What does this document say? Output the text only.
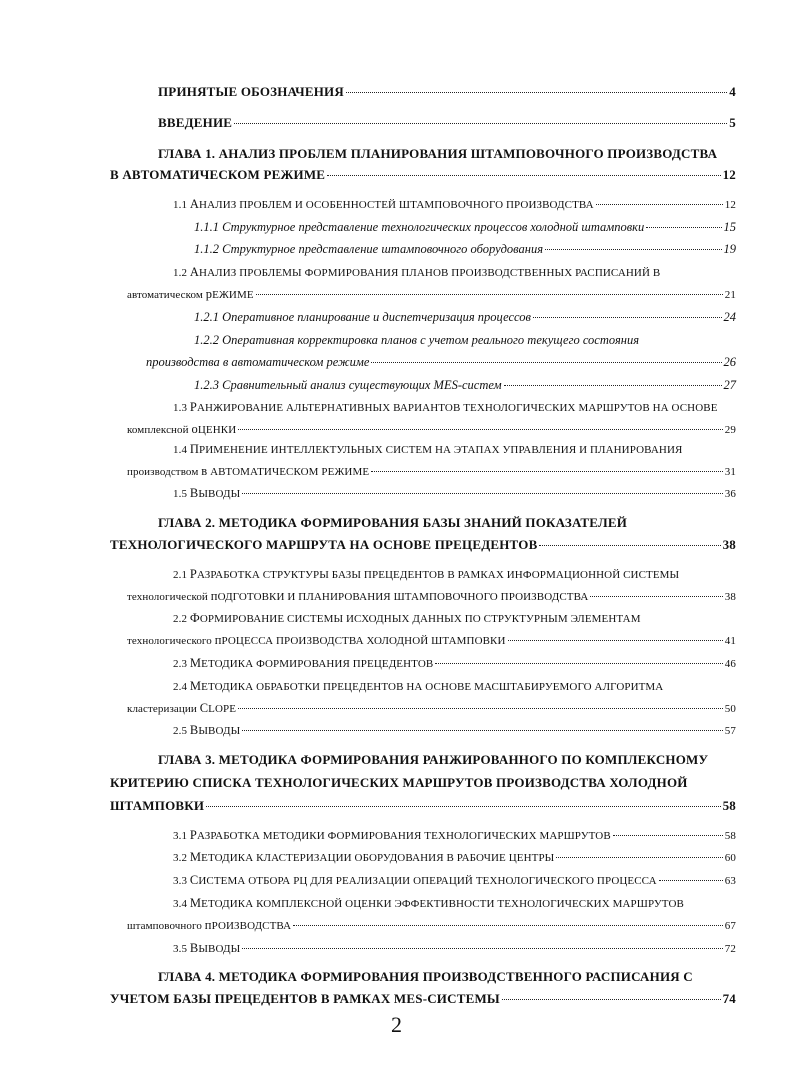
ПРИНЯТЫЕ ОБОЗНАЧЕНИЯ	4
ВВЕДЕНИЕ	5
ГЛАВА 1. АНАЛИЗ ПРОБЛЕМ ПЛАНИРОВАНИЯ ШТАМПОВОЧНОГО ПРОИЗВОДСТВА
В АВТОМАТИЧЕСКОМ РЕЖИМЕ	12
1.1 АНАЛИЗ ПРОБЛЕМ И ОСОБЕННОСТЕЙ ШТАМПОВОЧНОГО ПРОИЗВОДСТВА	12
1.1.1 Структурное представление технологических процессов холодной штамповки	15
1.1.2 Структурное представление штамповочного оборудования	19
1.2 АНАЛИЗ ПРОБЛЕМЫ ФОРМИРОВАНИЯ ПЛАНОВ ПРОИЗВОДСТВЕННЫХ РАСПИСАНИЙ В
автоматическом рЕЖИМЕ	21
1.2.1 Оперативное планирование и диспетчеризация процессов	24
1.2.2 Оперативная корректировка планов с учетом реального текущего состояния
производства в автоматическом режиме	26
1.2.3 Сравнительный анализ существующих MES-систем	27
1.3 РАНЖИРОВАНИЕ АЛЬТЕРНАТИВНЫХ ВАРИАНТОВ ТЕХНОЛОГИЧЕСКИХ МАРШРУТОВ НА ОСНОВЕ
комплексной оЦЕНКИ	29
1.4 ПРИМЕНЕНИЕ ИНТЕЛЛЕКТУЛЬНЫХ СИСТЕМ НА ЭТАПАХ УПРАВЛЕНИЯ И ПЛАНИРОВАНИЯ
производством в АВТОМАТИЧЕСКОМ РЕЖИМЕ	31
1.5 ВЫВОДЫ	36
ГЛАВА 2. МЕТОДИКА ФОРМИРОВАНИЯ БАЗЫ ЗНАНИЙ ПОКАЗАТЕЛЕЙ
ТЕХНОЛОГИЧЕСКОГО МАРШРУТА НА ОСНОВЕ ПРЕЦЕДЕНТОВ	38
2.1 РАЗРАБОТКА СТРУКТУРЫ БАЗЫ ПРЕЦЕДЕНТОВ В РАМКАХ ИНФОРМАЦИОННОЙ СИСТЕМЫ
технологической пОДГОТОВКИ И ПЛАНИРОВАНИЯ ШТАМПОВОЧНОГО ПРОИЗВОДСТВА	38
2.2 ФОРМИРОВАНИЕ СИСТЕМЫ ИСХОДНЫХ ДАННЫХ ПО СТРУКТУРНЫМ ЭЛЕМЕНТАМ
технологического пРОЦЕССА ПРОИЗВОДСТВА ХОЛОДНОЙ ШТАМПОВКИ	41
2.3 МЕТОДИКА ФОРМИРОВАНИЯ ПРЕЦЕДЕНТОВ	46
2.4 МЕТОДИКА ОБРАБОТКИ ПРЕЦЕДЕНТОВ НА ОСНОВЕ МАСШТАБИРУЕМОГО АЛГОРИТМА
кластеризации CLOPE	50
2.5 ВЫВОДЫ	57
ГЛАВА 3. МЕТОДИКА ФОРМИРОВАНИЯ РАНЖИРОВАННОГО ПО КОМПЛЕКСНОМУ
КРИТЕРИЮ СПИСКА ТЕХНОЛОГИЧЕСКИХ МАРШРУТОВ ПРОИЗВОДСТВА ХОЛОДНОЙ
ШТАМПОВКИ	58
3.1 РАЗРАБОТКА МЕТОДИКИ ФОРМИРОВАНИЯ ТЕХНОЛОГИЧЕСКИХ МАРШРУТОВ	58
3.2 МЕТОДИКА КЛАСТЕРИЗАЦИИ ОБОРУДОВАНИЯ В РАБОЧИЕ ЦЕНТРЫ	60
3.3 СИСТЕМА ОТБОРА РЦ ДЛЯ РЕАЛИЗАЦИИ ОПЕРАЦИЙ ТЕХНОЛОГИЧЕСКОГО ПРОЦЕССА	63
3.4 МЕТОДИКА КОМПЛЕКСНОЙ ОЦЕНКИ ЭФФЕКТИВНОСТИ ТЕХНОЛОГИЧЕСКИХ МАРШРУТОВ
штамповочного пРОИЗВОДСТВА	67
3.5 ВЫВОДЫ	72
ГЛАВА 4. МЕТОДИКА ФОРМИРОВАНИЯ ПРОИЗВОДСТВЕННОГО РАСПИСАНИЯ С
УЧЕТОМ БАЗЫ ПРЕЦЕДЕНТОВ В РАМКАХ MES-СИСТЕМЫ	74
2
